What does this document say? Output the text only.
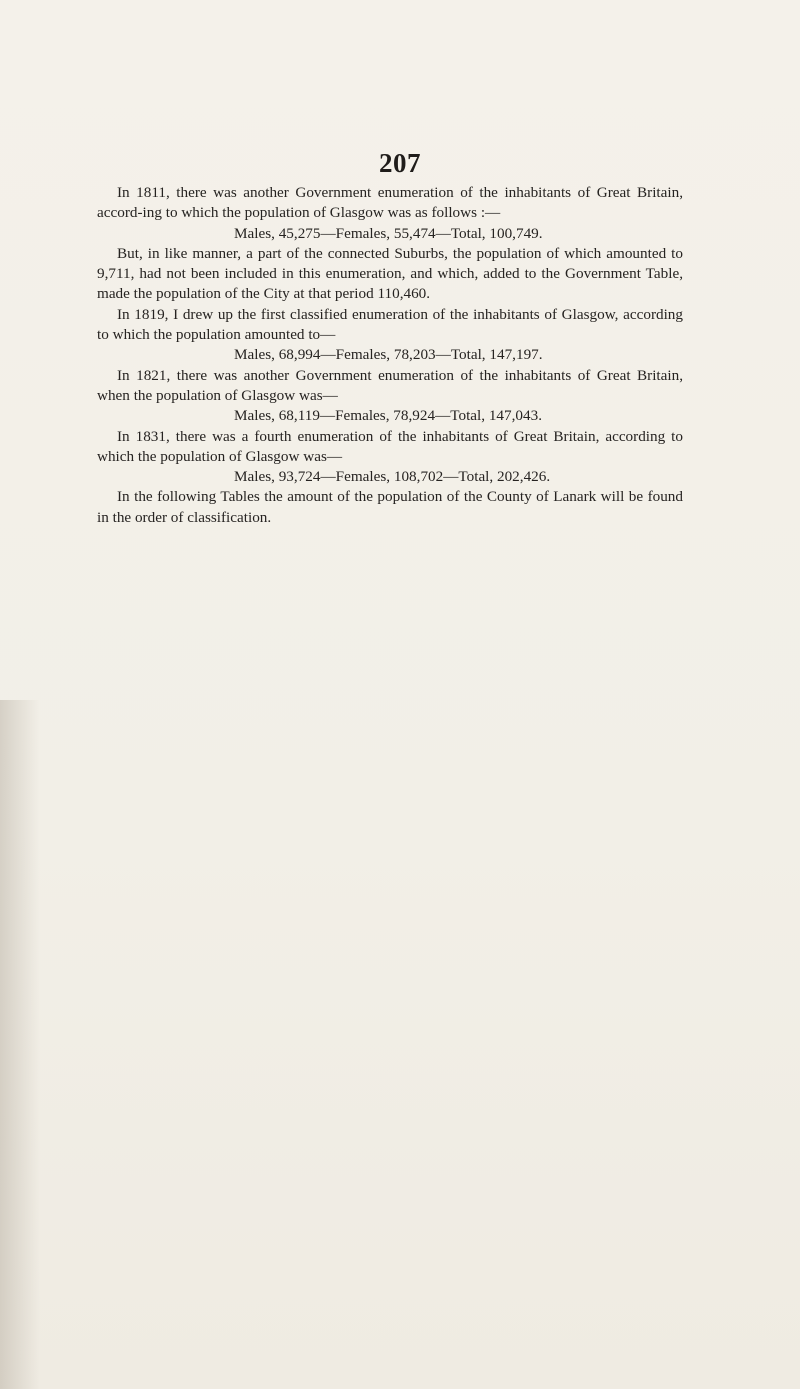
207

In 1811, there was another Government enumeration of the inhabitants of Great Britain, accord-ing to which the population of Glasgow was as follows :—

Males, 45,275—Females, 55,474—Total, 100,749.

But, in like manner, a part of the connected Suburbs, the population of which amounted to 9,711, had not been included in this enumeration, and which, added to the Government Table, made the population of the City at that period 110,460.

In 1819, I drew up the first classified enumeration of the inhabitants of Glasgow, according to which the population amounted to—

Males, 68,994—Females, 78,203—Total, 147,197.

In 1821, there was another Government enumeration of the inhabitants of Great Britain, when the population of Glasgow was—

Males, 68,119—Females, 78,924—Total, 147,043.

In 1831, there was a fourth enumeration of the inhabitants of Great Britain, according to which the population of Glasgow was—

Males, 93,724—Females, 108,702—Total, 202,426.

In the following Tables the amount of the population of the County of Lanark will be found in the order of classification.
